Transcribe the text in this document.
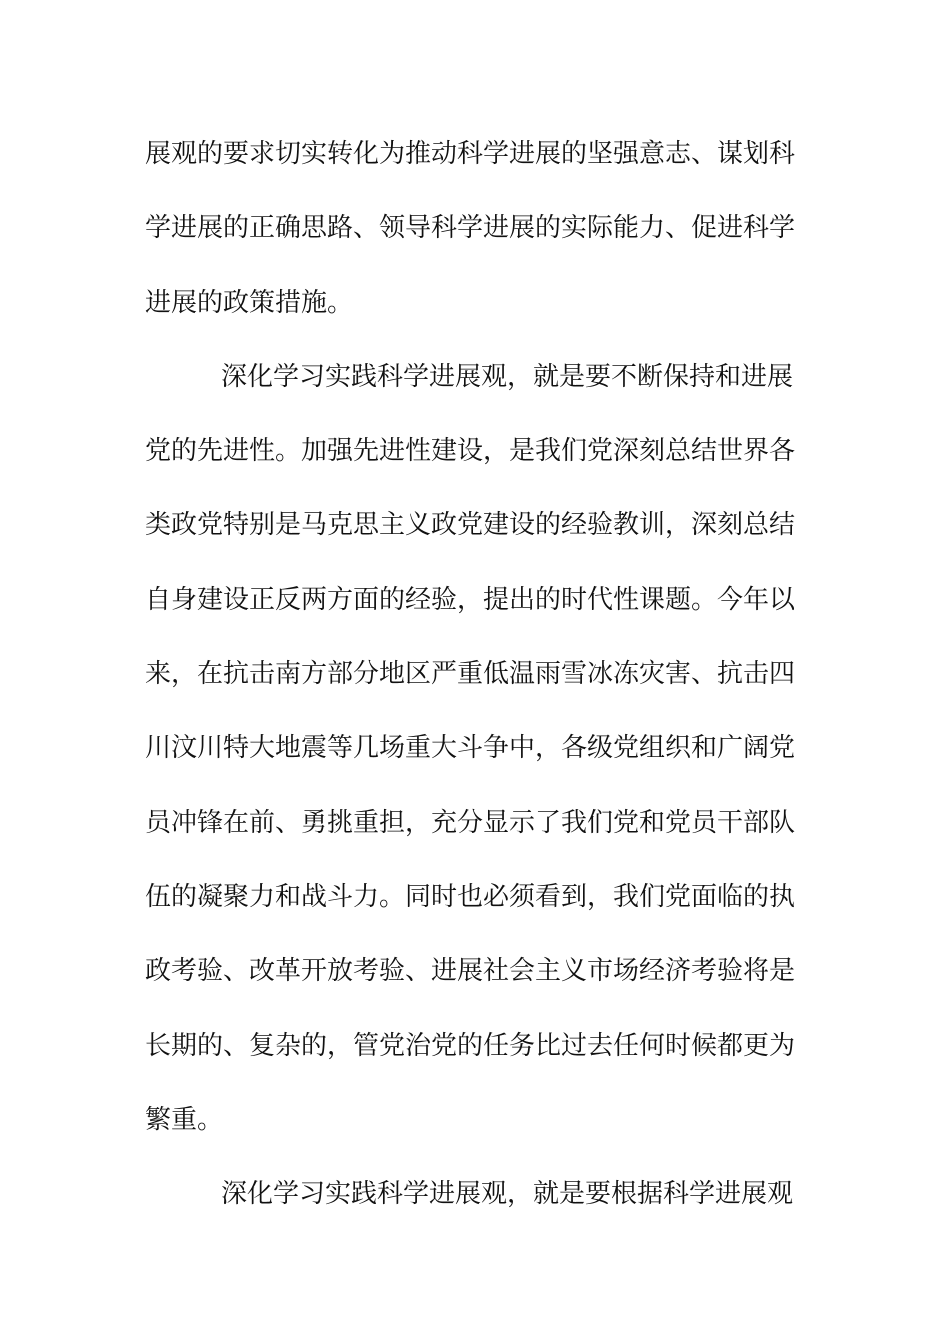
展观的要求切实转化为推动科学进展的坚强意志、谋划科
学进展的正确思路、领导科学进展的实际能力、促进科学
进展的政策措施。
深化学习实践科学进展观，就是要不断保持和进展
党的先进性。加强先进性建设，是我们党深刻总结世界各
类政党特别是马克思主义政党建设的经验教训，深刻总结
自身建设正反两方面的经验，提出的时代性课题。今年以
来，在抗击南方部分地区严重低温雨雪冰冻灾害、抗击四
川汶川特大地震等几场重大斗争中，各级党组织和广阔党
员冲锋在前、勇挑重担，充分显示了我们党和党员干部队
伍的凝聚力和战斗力。同时也必须看到，我们党面临的执
政考验、改革开放考验、进展社会主义市场经济考验将是
长期的、复杂的，管党治党的任务比过去任何时候都更为
繁重。
深化学习实践科学进展观，就是要根据科学进展观
